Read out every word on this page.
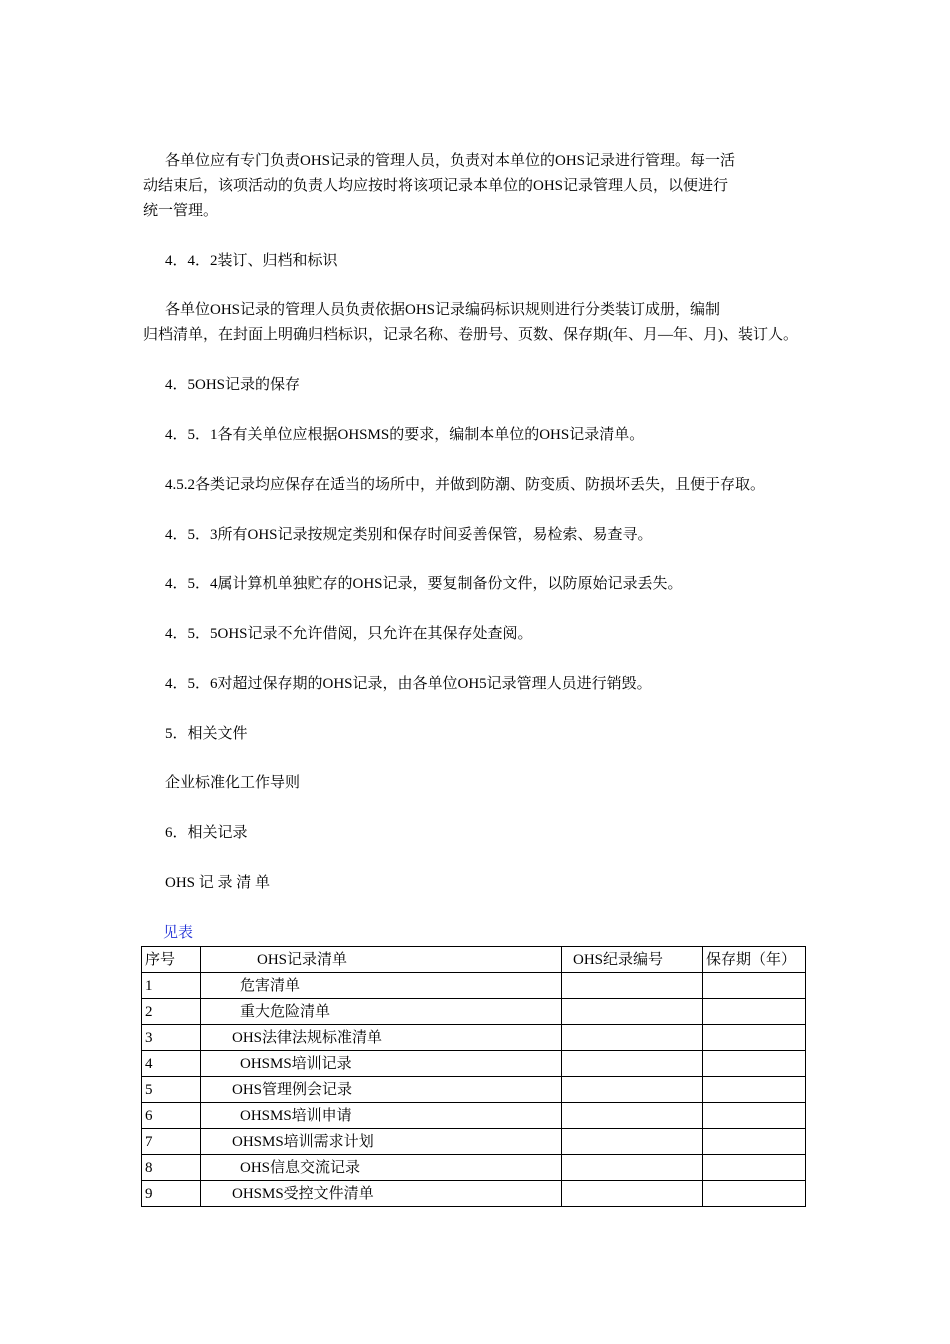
各单位应有专门负责OHS记录的管理人员，负责对本单位的OHS记录进行管理。每一活
动结束后，该项活动的负责人均应按时将该项记录本单位的OHS记录管理人员，以便进行
统一管理。
4．4．2装订、归档和标识
各单位OHS记录的管理人员负责依据OHS记录编码标识规则进行分类装订成册，编制
归档清单，在封面上明确归档标识，记录名称、卷册号、页数、保存期(年、月—年、月)、装订人。
4．5OHS记录的保存
4．5．1各有关单位应根据OHSMS的要求，编制本单位的OHS记录清单。
4.5.2各类记录均应保存在适当的场所中，并做到防潮、防变质、防损坏丢失，且便于存取。
4．5．3所有OHS记录按规定类别和保存时间妥善保管，易检索、易查寻。
4．5．4属计算机单独贮存的OHS记录，要复制备份文件，以防原始记录丢失。
4．5．5OHS记录不允许借阅，只允许在其保存处查阅。
4．5．6对超过保存期的OHS记录，由各单位OH5记录管理人员进行销毁。
5．相关文件
企业标准化工作导则
6．相关记录
OHS 记 录 清 单
见表
序号	OHS记录清单	OHS纪录编号	保存期（年）
1	危害清单		
2	重大危险清单		
3	OHS法律法规标准清单		
4	OHSMS培训记录		
5	OHS管理例会记录		
6	OHSMS培训申请		
7	OHSMS培训需求计划		
8	OHS信息交流记录		
9	OHSMS受控文件清单		
